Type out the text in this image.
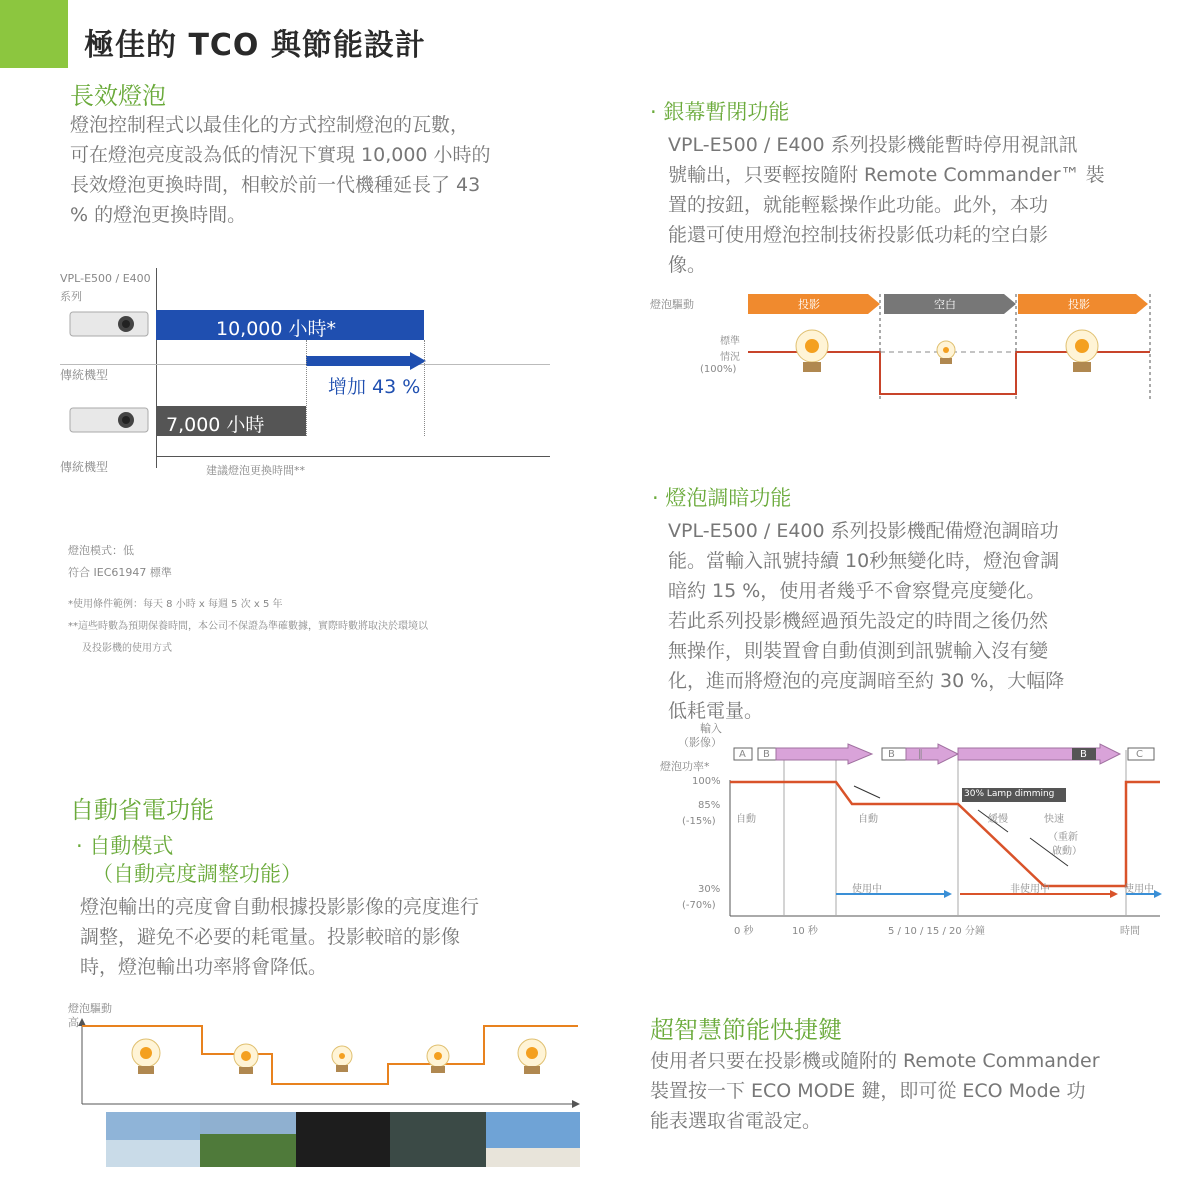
極佳的 TCO 與節能設計
長效燈泡
燈泡控制程式以最佳化的方式控制燈泡的瓦數，
可在燈泡亮度設為低的情況下實現 10,000 小時的
長效燈泡更換時間，相較於前一代機種延長了 43
% 的燈泡更換時間。
VPL-E500 / E400
系列
10,000 小時*
傳統機型
增加 43 %
7,000 小時
傳統機型	建議燈泡更換時間**
燈泡模式：低
符合 IEC61947 標準
*使用條件範例：每天 8 小時 x 每週 5 次 x 5 年
**這些時數為預期保養時間，本公司不保證為準確數據，實際時數將取決於環境以
及投影機的使用方式
自動省電功能
· 自動模式
（自動亮度調整功能）
燈泡輸出的亮度會自動根據投影影像的亮度進行
調整，避免不必要的耗電量。投影較暗的影像
時，燈泡輸出功率將會降低。
燈泡驅動
高
· 銀幕暫閉功能
VPL-E500 / E400 系列投影機能暫時停用視訊訊
號輸出，只要輕按隨附 Remote Commander™ 裝
置的按鈕，就能輕鬆操作此功能。此外，本功
能還可使用燈泡控制技術投影低功耗的空白影
像。
燈泡驅動	投影	空白	投影
標準
情況
(100%)
· 燈泡調暗功能
VPL-E500 / E400 系列投影機配備燈泡調暗功
能。當輸入訊號持續 10秒無變化時，燈泡會調
暗約 15 %，使用者幾乎不會察覺亮度變化。
若此系列投影機經過預先設定的時間之後仍然
無操作，則裝置會自動偵測到訊號輸入沒有變
化，進而將燈泡的亮度調暗至約 30 %，大幅降
低耗電量。
輸入
（影像）
燈泡功率*
A B	B ∥	B	C
100%
85%
(-15%)
30%
(-70%)
自動	自動
30% Lamp dimming
緩慢	快速
（重新
啟動）
使用中	非使用中	使用中
0 秒	10 秒	5 / 10 / 15 / 20 分鐘	時間
超智慧節能快捷鍵
使用者只要在投影機或隨附的 Remote Commander
裝置按一下 ECO MODE 鍵，即可從 ECO Mode 功
能表選取省電設定。
